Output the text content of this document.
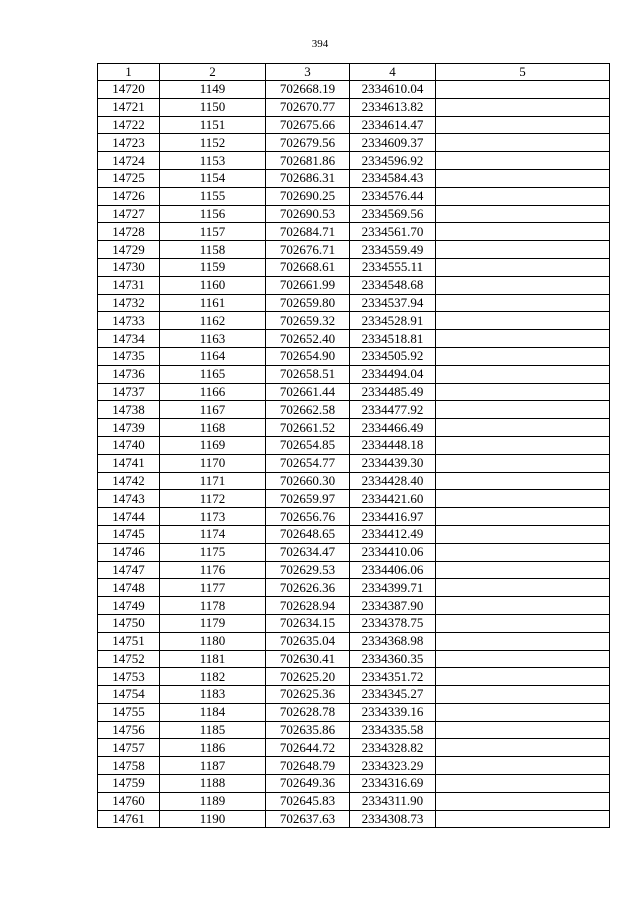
394
1	2	3	4	5
14720	1149	702668.19	2334610.04	
14721	1150	702670.77	2334613.82	
14722	1151	702675.66	2334614.47	
14723	1152	702679.56	2334609.37	
14724	1153	702681.86	2334596.92	
14725	1154	702686.31	2334584.43	
14726	1155	702690.25	2334576.44	
14727	1156	702690.53	2334569.56	
14728	1157	702684.71	2334561.70	
14729	1158	702676.71	2334559.49	
14730	1159	702668.61	2334555.11	
14731	1160	702661.99	2334548.68	
14732	1161	702659.80	2334537.94	
14733	1162	702659.32	2334528.91	
14734	1163	702652.40	2334518.81	
14735	1164	702654.90	2334505.92	
14736	1165	702658.51	2334494.04	
14737	1166	702661.44	2334485.49	
14738	1167	702662.58	2334477.92	
14739	1168	702661.52	2334466.49	
14740	1169	702654.85	2334448.18	
14741	1170	702654.77	2334439.30	
14742	1171	702660.30	2334428.40	
14743	1172	702659.97	2334421.60	
14744	1173	702656.76	2334416.97	
14745	1174	702648.65	2334412.49	
14746	1175	702634.47	2334410.06	
14747	1176	702629.53	2334406.06	
14748	1177	702626.36	2334399.71	
14749	1178	702628.94	2334387.90	
14750	1179	702634.15	2334378.75	
14751	1180	702635.04	2334368.98	
14752	1181	702630.41	2334360.35	
14753	1182	702625.20	2334351.72	
14754	1183	702625.36	2334345.27	
14755	1184	702628.78	2334339.16	
14756	1185	702635.86	2334335.58	
14757	1186	702644.72	2334328.82	
14758	1187	702648.79	2334323.29	
14759	1188	702649.36	2334316.69	
14760	1189	702645.83	2334311.90	
14761	1190	702637.63	2334308.73	
